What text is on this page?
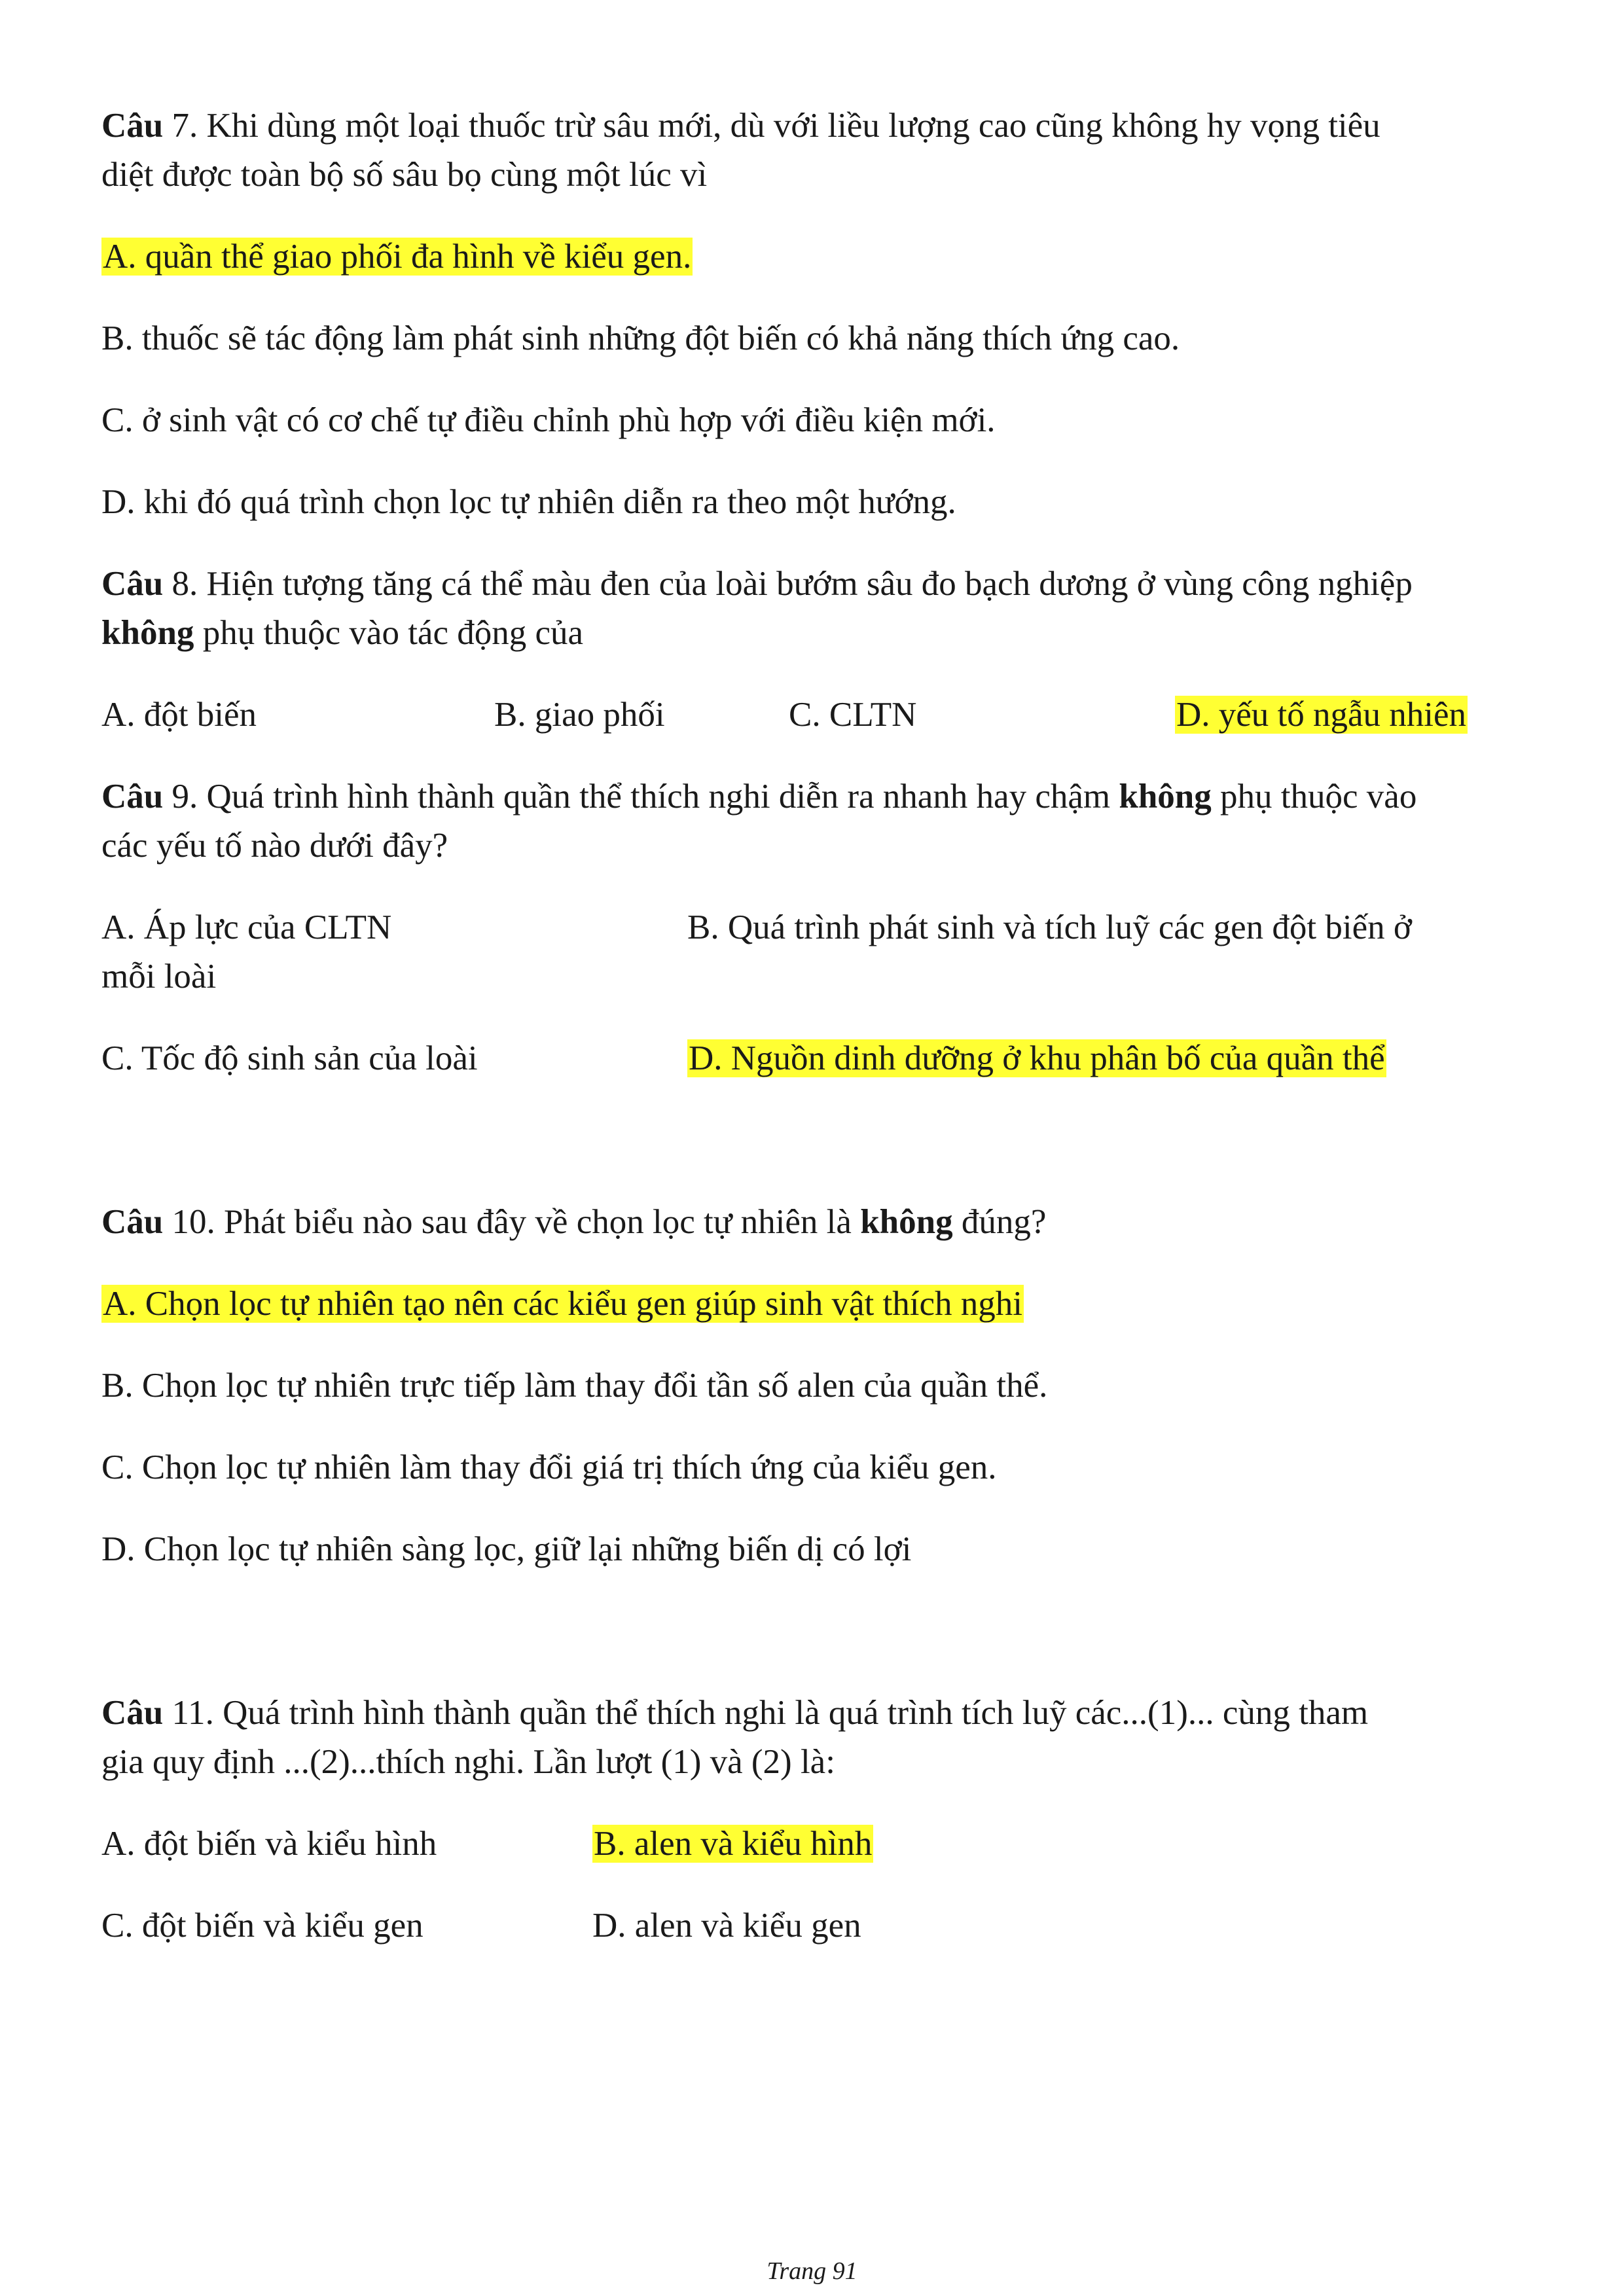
Câu 7. Khi dùng một loại thuốc trừ sâu mới, dù với liều lượng cao cũng không hy vọng tiêu
diệt được toàn bộ số sâu bọ cùng một lúc vì
A. quần thể giao phối đa hình về kiểu gen.
B. thuốc sẽ tác động làm phát sinh những đột biến có khả năng thích ứng cao.
C. ở sinh vật có cơ chế tự điều chỉnh phù hợp với điều kiện mới.
D. khi đó quá trình chọn lọc tự nhiên diễn ra theo một hướng.
Câu 8. Hiện tượng tăng cá thể màu đen của loài bướm sâu đo bạch dương ở vùng công nghiệp
không phụ thuộc vào tác động của
A. đột biến	B. giao phối	C. CLTN	D. yếu tố ngẫu nhiên
Câu 9. Quá trình hình thành quần thể thích nghi diễn ra nhanh hay chậm không phụ thuộc vào
các yếu tố nào dưới đây?
A. Áp lực của CLTN	B. Quá trình phát sinh và tích luỹ các gen đột biến ở
mỗi loài
C. Tốc độ sinh sản của loài	D. Nguồn dinh dưỡng ở khu phân bố của quần thể
Câu 10. Phát biểu nào sau đây về chọn lọc tự nhiên là không đúng?
A. Chọn lọc tự nhiên tạo nên các kiểu gen giúp sinh vật thích nghi
B. Chọn lọc tự nhiên trực tiếp làm thay đổi tần số alen của quần thể.
C. Chọn lọc tự nhiên làm thay đổi giá trị thích ứng của kiểu gen.
D. Chọn lọc tự nhiên sàng lọc, giữ lại những biến dị có lợi
Câu 11. Quá trình hình thành quần thể thích nghi là quá trình tích luỹ các...(1)... cùng tham
gia quy định ...(2)...thích nghi. Lần lượt (1) và (2) là:
A. đột biến và kiểu hình	B. alen và kiểu hình
C. đột biến và kiểu gen	D. alen và kiểu gen
Trang 91
